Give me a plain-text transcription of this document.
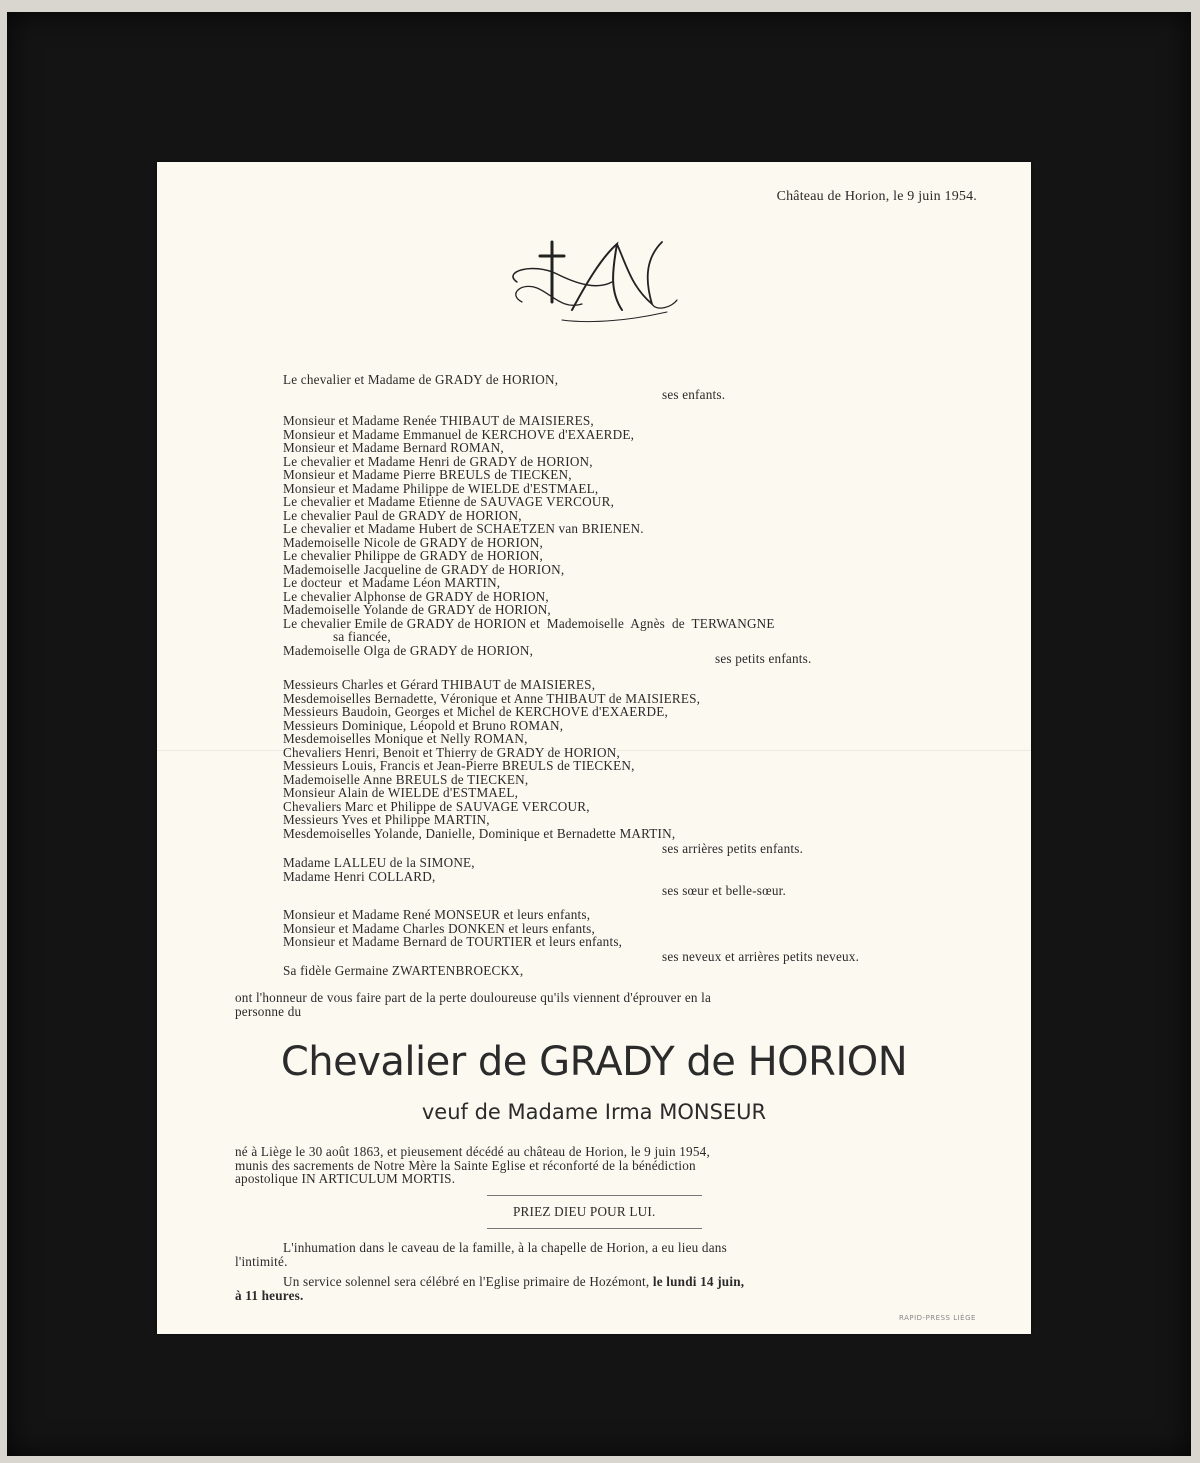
Château de Horion, le 9 juin 1954.
Le chevalier et Madame de GRADY de HORION,
ses enfants.
Monsieur et Madame Renée THIBAUT de MAISIERES,
Monsieur et Madame Emmanuel de KERCHOVE d'EXAERDE,
Monsieur et Madame Bernard ROMAN,
Le chevalier et Madame Henri de GRADY de HORION,
Monsieur et Madame Pierre BREULS de TIECKEN,
Monsieur et Madame Philippe de WIELDE d'ESTMAEL,
Le chevalier et Madame Etienne de SAUVAGE VERCOUR,
Le chevalier Paul de GRADY de HORION,
Le chevalier et Madame Hubert de SCHAETZEN van BRIENEN.
Mademoiselle Nicole de GRADY de HORION,
Le chevalier Philippe de GRADY de HORION,
Mademoiselle Jacqueline de GRADY de HORION,
Le docteur  et Madame Léon MARTIN,
Le chevalier Alphonse de GRADY de HORION,
Mademoiselle Yolande de GRADY de HORION,
Le chevalier Emile de GRADY de HORION et  Mademoiselle  Agnès  de  TERWANGNE
sa fiancée,
Mademoiselle Olga de GRADY de HORION,
ses petits enfants.
Messieurs Charles et Gérard THIBAUT de MAISIERES,
Mesdemoiselles Bernadette, Véronique et Anne THIBAUT de MAISIERES,
Messieurs Baudoin, Georges et Michel de KERCHOVE d'EXAERDE,
Messieurs Dominique, Léopold et Bruno ROMAN,
Mesdemoiselles Monique et Nelly ROMAN,
Chevaliers Henri, Benoit et Thierry de GRADY de HORION,
Messieurs Louis, Francis et Jean-Pierre BREULS de TIECKEN,
Mademoiselle Anne BREULS de TIECKEN,
Monsieur Alain de WIELDE d'ESTMAEL,
Chevaliers Marc et Philippe de SAUVAGE VERCOUR,
Messieurs Yves et Philippe MARTIN,
Mesdemoiselles Yolande, Danielle, Dominique et Bernadette MARTIN,
ses arrières petits enfants.
Madame LALLEU de la SIMONE,
Madame Henri COLLARD,
ses sœur et belle-sœur.
Monsieur et Madame René MONSEUR et leurs enfants,
Monsieur et Madame Charles DONKEN et leurs enfants,
Monsieur et Madame Bernard de TOURTIER et leurs enfants,
ses neveux et arrières petits neveux.
Sa fidèle Germaine ZWARTENBROECKX,
ont l'honneur de vous faire part de la perte douloureuse qu'ils viennent d'éprouver en la
personne du
Chevalier de GRADY de HORION
veuf de Madame Irma MONSEUR
né à Liège le 30 août 1863, et pieusement décédé au château de Horion, le 9 juin 1954,
munis des sacrements de Notre Mère la Sainte Eglise et réconforté de la bénédiction
apostolique IN ARTICULUM MORTIS.
PRIEZ DIEU POUR LUI.
L'inhumation dans le caveau de la famille, à la chapelle de Horion, a eu lieu dans
l'intimité.
Un service solennel sera célébré en l'Eglise primaire de Hozémont, le lundi 14 juin,
à 11 heures.
RAPID-PRESS LIÈGE
